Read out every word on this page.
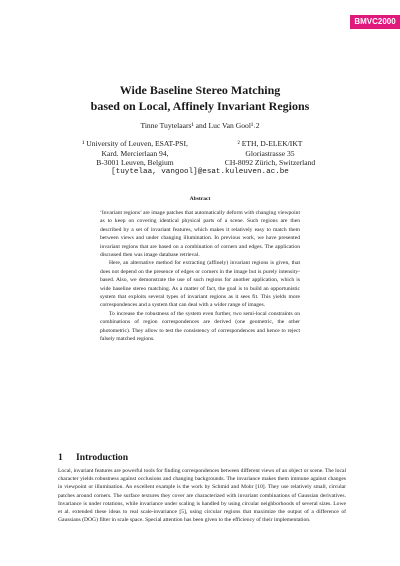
BMVC2000
Wide Baseline Stereo Matching
based on Local, Affinely Invariant Regions
Tinne Tuytelaars¹ and Luc Van Gool¹˒2
¹ University of Leuven, ESAT-PSI,
Kard. Mercierlaan 94,
B-3001 Leuven, Belgium
² ETH, D-ELEK/IKT
Gloriastrasse 35
CH-8092 Zürich, Switzerland
[tuytelaa, vangool]@esat.kuleuven.ac.be
Abstract

‘Invariant regions’ are image patches that automatically deform with changing viewpoint as to keep on covering identical physical parts of a scene. Such regions are then described by a set of invariant features, which makes it relatively easy to match them between views and under changing illumination. In previous work, we have presented invariant regions that are based on a combination of corners and edges. The application discussed then was image database retrieval.

Here, an alternative method for extracting (affinely) invariant regions is given, that does not depend on the presence of edges or corners in the image but is purely intensity-based. Also, we demonstrate the use of such regions for another application, which is wide baseline stereo matching. As a matter of fact, the goal is to build an opportunistic system that exploits several types of invariant regions as it sees fit. This yields more correspondences and a system that can deal with a wider range of images.

To increase the robustness of the system even further, two semi-local constraints on combinations of region correspondences are derived (one geometric, the other photometric). They allow to test the consistency of correspondences and hence to reject falsely matched regions.

1 Introduction

Local, invariant features are powerful tools for finding correspondences between different views of an object or scene. The local character yields robustness against occlusions and changing backgrounds. The invariance makes them immune against changes in viewpoint or illumination. An excellent example is the work by Schmid and Mohr [10]. They use relatively small, circular patches around corners. The surface textures they cover are characterized with invariant combinations of Gaussian derivatives. Invariance is under rotations, while invariance under scaling is handled by using circular neighborhoods of several sizes. Lowe et al. extended these ideas to real scale-invariance [5], using circular regions that maximize the output of a difference of Gaussians (DOG) filter in scale space. Special attention has been given to the efficiency of their implementation.
